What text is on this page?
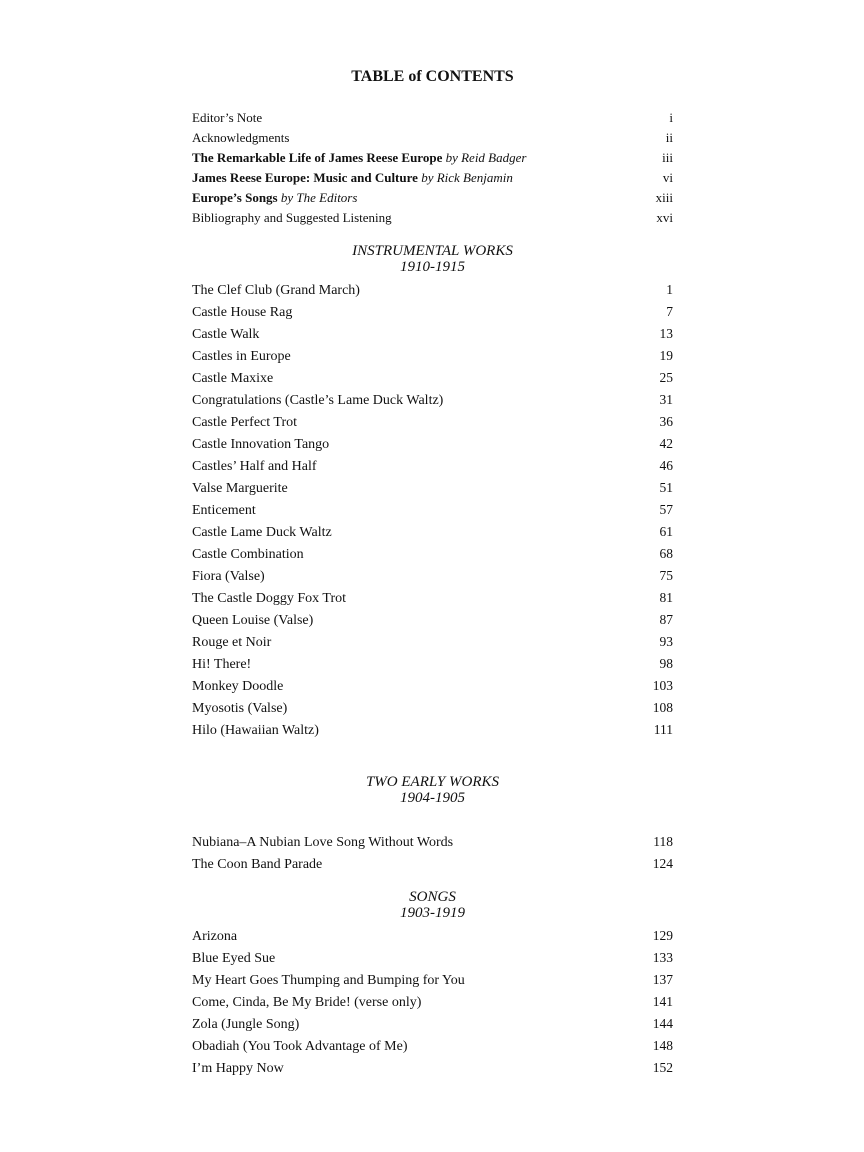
TABLE of CONTENTS
Editor’s Note	i
Acknowledgments	ii
The Remarkable Life of James Reese Europe by Reid Badger	iii
James Reese Europe: Music and Culture by Rick Benjamin	vi
Europe’s Songs by The Editors	xiii
Bibliography and Suggested Listening	xvi
INSTRUMENTAL WORKS
1910-1915
The Clef Club (Grand March)	1
Castle House Rag	7
Castle Walk	13
Castles in Europe	19
Castle Maxixe	25
Congratulations (Castle’s Lame Duck Waltz)	31
Castle Perfect Trot	36
Castle Innovation Tango	42
Castles’ Half and Half	46
Valse Marguerite	51
Enticement	57
Castle Lame Duck Waltz	61
Castle Combination	68
Fiora (Valse)	75
The Castle Doggy Fox Trot	81
Queen Louise (Valse)	87
Rouge et Noir	93
Hi! There!	98
Monkey Doodle	103
Myosotis (Valse)	108
Hilo (Hawaiian Waltz)	111
TWO EARLY WORKS
1904-1905
Nubiana–A Nubian Love Song Without Words	118
The Coon Band Parade	124
SONGS
1903-1919
Arizona	129
Blue Eyed Sue	133
My Heart Goes Thumping and Bumping for You	137
Come, Cinda, Be My Bride! (verse only)	141
Zola (Jungle Song)	144
Obadiah (You Took Advantage of Me)	148
I’m Happy Now	152
